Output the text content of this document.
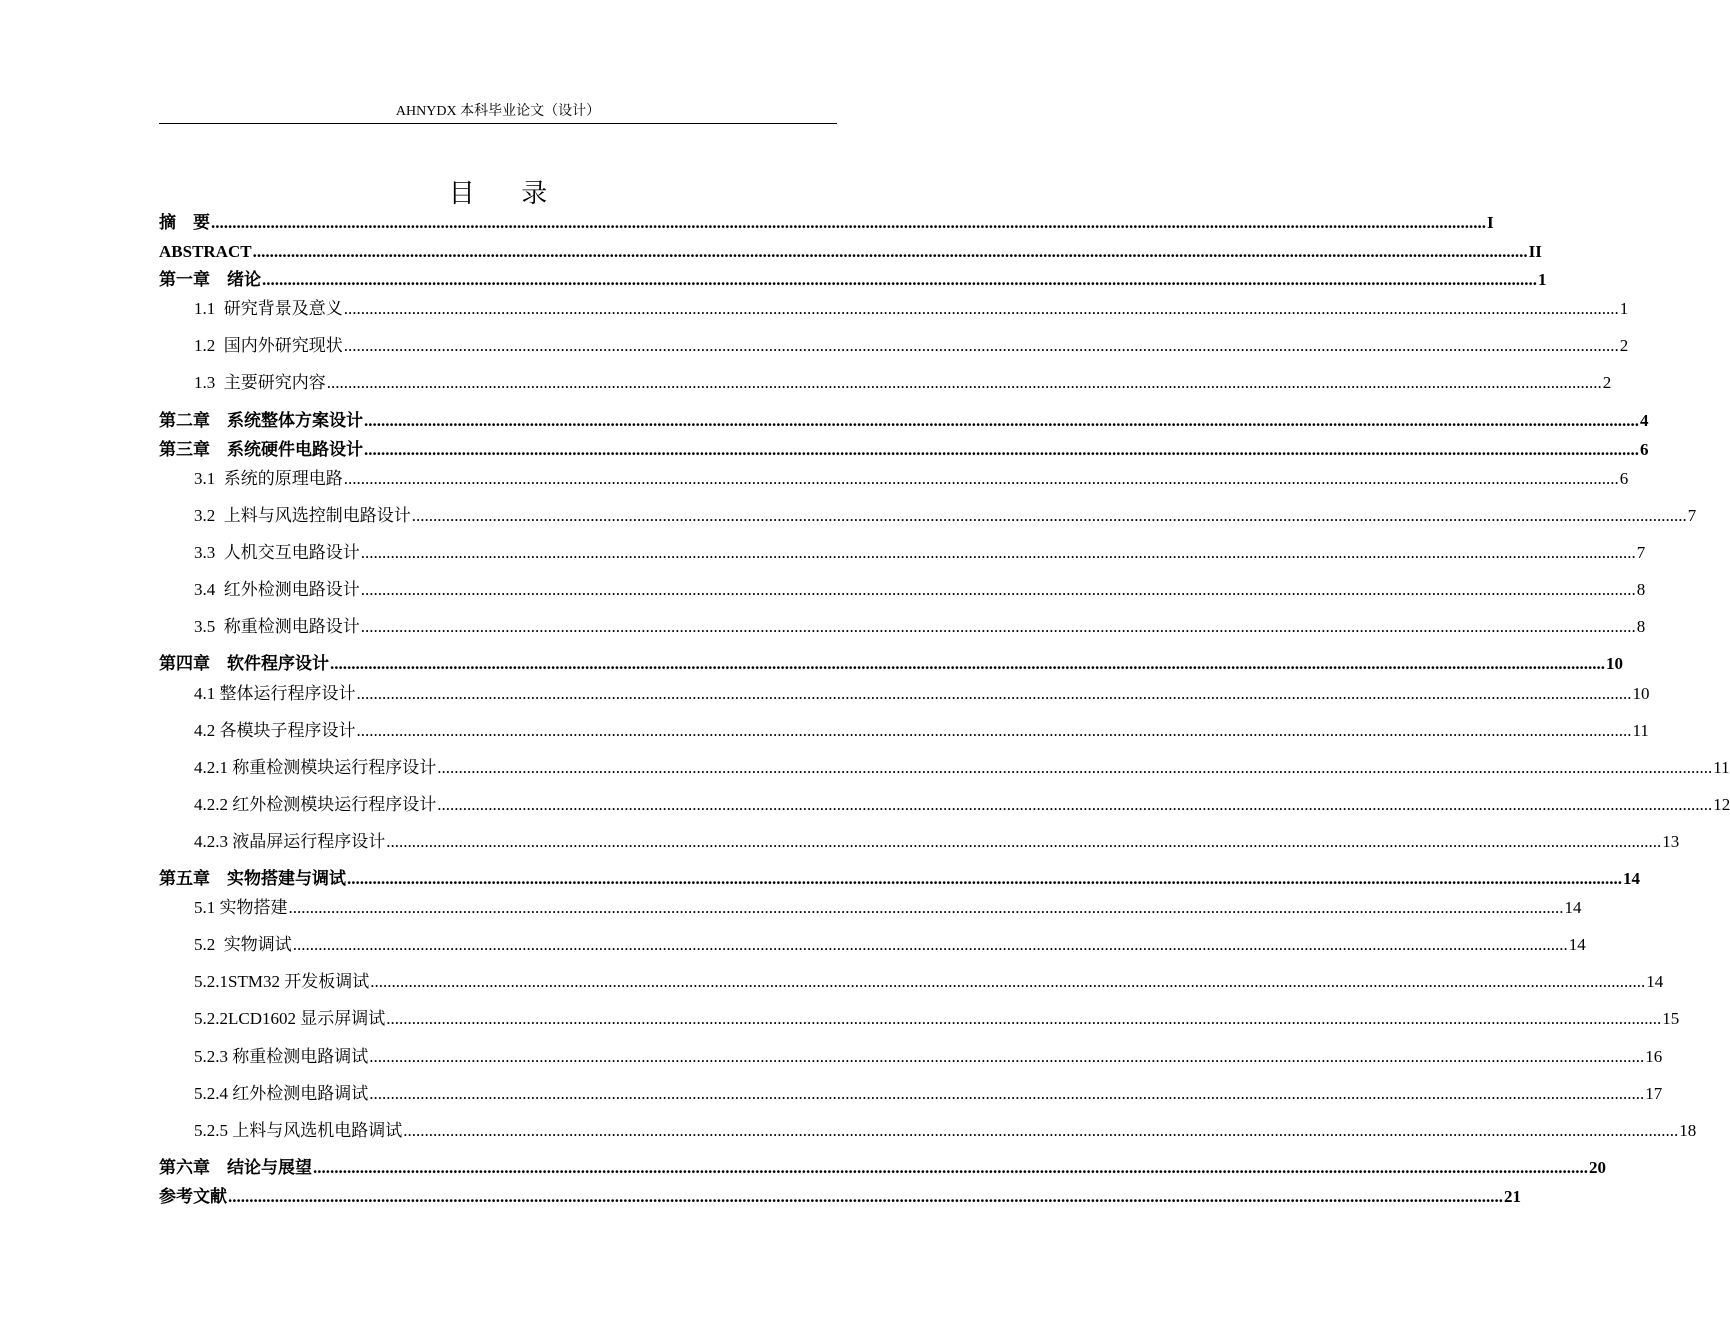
AHNYDX 本科毕业论文（设计）
目 录
摘    要 ............................................................................................................................................................................................................................................................................................................ I
ABSTRACT ............................................................................................................................................................................................................................................................................................................ II
第一章    绪论 ............................................................................................................................................................................................................................................................................................................ 1
1.1  研究背景及意义 ............................................................................................................................................................................................................................................................................................................ 1
1.2  国内外研究现状 ............................................................................................................................................................................................................................................................................................................ 2
1.3  主要研究内容 ............................................................................................................................................................................................................................................................................................................ 2
第二章    系统整体方案设计 ............................................................................................................................................................................................................................................................................................................ 4
第三章    系统硬件电路设计 ............................................................................................................................................................................................................................................................................................................ 6
3.1  系统的原理电路 ............................................................................................................................................................................................................................................................................................................ 6
3.2  上料与风选控制电路设计 ............................................................................................................................................................................................................................................................................................................ 7
3.3  人机交互电路设计 ............................................................................................................................................................................................................................................................................................................ 7
3.4  红外检测电路设计 ............................................................................................................................................................................................................................................................................................................ 8
3.5  称重检测电路设计 ............................................................................................................................................................................................................................................................................................................ 8
第四章    软件程序设计 ............................................................................................................................................................................................................................................................................................................ 10
4.1 整体运行程序设计 ............................................................................................................................................................................................................................................................................................................ 10
4.2 各模块子程序设计 ............................................................................................................................................................................................................................................................................................................ 11
4.2.1 称重检测模块运行程序设计 ............................................................................................................................................................................................................................................................................................................ 11
4.2.2 红外检测模块运行程序设计 ............................................................................................................................................................................................................................................................................................................ 12
4.2.3 液晶屏运行程序设计 ............................................................................................................................................................................................................................................................................................................ 13
第五章    实物搭建与调试 ............................................................................................................................................................................................................................................................................................................ 14
5.1 实物搭建 ............................................................................................................................................................................................................................................................................................................ 14
5.2  实物调试 ............................................................................................................................................................................................................................................................................................................ 14
5.2.1STM32 开发板调试 ............................................................................................................................................................................................................................................................................................................ 14
5.2.2LCD1602 显示屏调试 ............................................................................................................................................................................................................................................................................................................ 15
5.2.3 称重检测电路调试 ............................................................................................................................................................................................................................................................................................................ 16
5.2.4 红外检测电路调试 ............................................................................................................................................................................................................................................................................................................ 17
5.2.5 上料与风选机电路调试 ............................................................................................................................................................................................................................................................................................................ 18
第六章    结论与展望 ............................................................................................................................................................................................................................................................................................................ 20
参考文献 ............................................................................................................................................................................................................................................................................................................ 21
